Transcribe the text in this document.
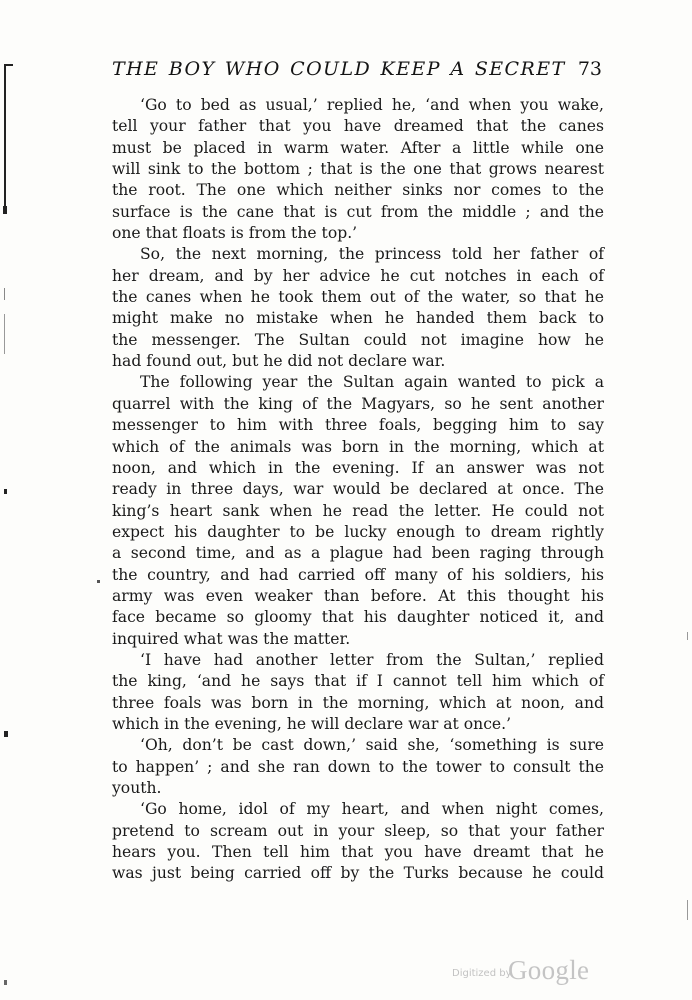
THE BOY WHO COULD KEEP A SECRET 73
‘Go to bed as usual,’ replied he, ‘and when you wake,
tell your father that you have dreamed that the canes
must be placed in warm water. After a little while one
will sink to the bottom ; that is the one that grows nearest
the root. The one which neither sinks nor comes to the
surface is the cane that is cut from the middle ; and the
one that floats is from the top.’
So, the next morning, the princess told her father of
her dream, and by her advice he cut notches in each of
the canes when he took them out of the water, so that he
might make no mistake when he handed them back to
the messenger. The Sultan could not imagine how he
had found out, but he did not declare war.
The following year the Sultan again wanted to pick a
quarrel with the king of the Magyars, so he sent another
messenger to him with three foals, begging him to say
which of the animals was born in the morning, which at
noon, and which in the evening. If an answer was not
ready in three days, war would be declared at once. The
king’s heart sank when he read the letter. He could not
expect his daughter to be lucky enough to dream rightly
a second time, and as a plague had been raging through
the country, and had carried off many of his soldiers, his
army was even weaker than before. At this thought his
face became so gloomy that his daughter noticed it, and
inquired what was the matter.
‘I have had another letter from the Sultan,’ replied
the king, ‘and he says that if I cannot tell him which of
three foals was born in the morning, which at noon, and
which in the evening, he will declare war at once.’
‘Oh, don’t be cast down,’ said she, ‘something is sure
to happen’ ; and she ran down to the tower to consult the
youth.
‘Go home, idol of my heart, and when night comes,
pretend to scream out in your sleep, so that your father
hears you. Then tell him that you have dreamt that he
was just being carried off by the Turks because he could
Digitized by
Google
